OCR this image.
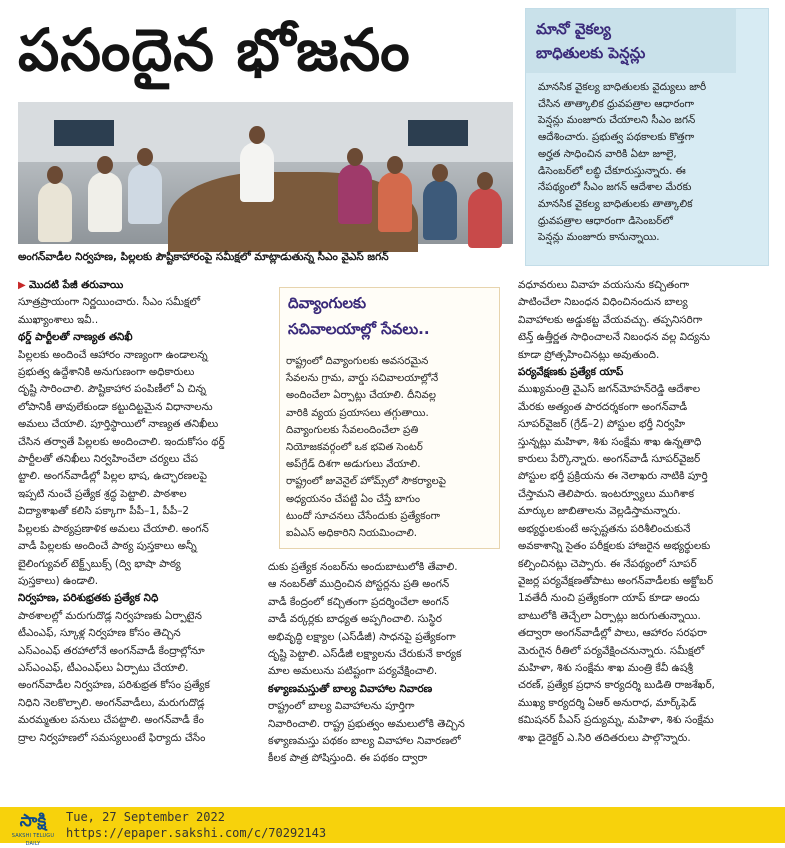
పసందైన భోజనం
అంగన్‌వాడీల నిర్వహణ, పిల్లలకు పౌష్టికాహారంపై సమీక్షలో మాట్లాడుతున్న సీఎం వైఎస్ జగన్
మానో వైకల్య
బాధితులకు పెన్షన్లు
మానసిక వైకల్య బాధితులకు వైద్యులు జారీ
చేసిన తాత్కాలిక ధ్రువపత్రాల ఆధారంగా
పెన్షన్లు మంజూరు చేయాలని సీఎం జగన్
ఆదేశించారు. ప్రభుత్వ పథకాలకు కొత్తగా
అర్హత సాధించిన వారికి ఏటా జూలై,
డిసెంబర్‌లో లబ్ధి చేకూరుస్తున్నారు. ఈ
నేపథ్యంలో సీఎం జగన్ ఆదేశాల మేరకు
మానసిక వైకల్య బాధితులకు తాత్కాలిక
ధ్రువపత్రాల ఆధారంగా డిసెంబర్‌లో
పెన్షన్లు మంజూరు కానున్నాయి.
▶ మొదటి పేజీ తరువాయి
సూత్రప్రాయంగా నిర్ణయించారు. సీఎం సమీక్షలో
ముఖ్యాంశాలు ఇవీ..
థర్డ్ పార్టీలతో నాణ్యత తనిఖీ
పిల్లలకు అందించే ఆహారం నాణ్యంగా ఉండాలన్న
ప్రభుత్వ ఉద్దేశానికి అనుగుణంగా అధికారులు
దృష్టి సారించాలి. పౌష్టికాహార పంపిణీలో ఏ చిన్న
లోపానికీ తావులేకుండా కట్టుదిట్టమైన విధానాలను
అమలు చేయాలి. పూర్తిస్థాయిలో నాణ్యత తనిఖీలు
చేసిన తర్వాతే పిల్లలకు అందించాలి. ఇందుకోసం థర్డ్
పార్టీలతో తనిఖీలు నిర్వహించేలా చర్యలు చేప
ట్టాలి. అంగన్‌వాడీల్లో పిల్లల భాష, ఉచ్ఛారణలపై
ఇప్పటి నుంచే ప్రత్యేక శ్రద్ధ పెట్టాలి. పాఠశాల
విద్యాశాఖతో కలిసి పక్కాగా పీపీ–1, పీపీ–2
పిల్లలకు పాఠ్యప్రణాళిక అమలు చేయాలి. అంగన్
వాడీ పిల్లలకు అందించే పాఠ్య పుస్తకాలు అన్నీ
బైలింగ్యువల్ టెక్ట్స్‌బుక్స్ (ద్వి భాషా పాఠ్య
పుస్తకాలు) ఉండాలి.
నిర్వహణ, పరిశుభ్రతకు ప్రత్యేక నిధి
పాఠశాలల్లో మరుగుదొడ్ల నిర్వహణకు ఏర్పాటైన
టీఎంఎఫ్, స్కూళ్ల నిర్వహణ కోసం తెచ్చిన
ఎస్ఎంఎఫ్ తరహాలోనే అంగన్‌వాడీ కేంద్రాల్లోనూ
ఎస్ఎంఎఫ్, టీఎంఎఫ్‌లు ఏర్పాటు చేయాలి.
అంగన్‌వాడీల నిర్వహణ, పరిశుభ్రత కోసం ప్రత్యేక
నిధిని నెలకొల్పాలి. అంగన్‌వాడీలు, మరుగుదొడ్ల
మరమ్మతుల పనులు చేపట్టాలి. అంగన్‌వాడీ కేం
ద్రాల నిర్వహణలో సమస్యలుంటే ఫిర్యాదు చేసేం
దివ్యాంగులకు
సచివాలయాల్లో సేవలు..
రాష్ట్రంలో దివ్యాంగులకు అవసరమైన
సేవలను గ్రామ, వార్డు సచివాలయాల్లోనే
అందించేలా ఏర్పాట్లు చేయాలి. దీనివల్ల
వారికి వ్యయ ప్రయాసలు తగ్గుతాయి.
దివ్యాంగులకు సేవలందించేలా ప్రతి
నియోజకవర్గంలో ఒక భవిత సెంటర్
అప్‌గ్రేడ్ దిశగా అడుగులు వేయాలి.
రాష్ట్రంలో జువెనైల్ హోమ్స్‌లో సౌకర్యాలపై
అధ్యయనం చేపట్టి ఏం చేస్తే బాగుం
టుందో సూచనలు చేసేందుకు ప్రత్యేకంగా
ఐఏఎస్ అధికారిని నియమించాలి.
దుకు ప్రత్యేక నంబర్‌ను అందుబాటులోకి తేవాలి.
ఆ నంబర్‌తో ముద్రించిన పోస్టర్లను ప్రతి అంగన్
వాడీ కేంద్రంలో కచ్చితంగా ప్రదర్శించేలా అంగన్
వాడీ వర్కర్లకు బాధ్యత అప్పగించాలి. సుస్థిర
అభివృద్ధి లక్ష్యాల (ఎస్‌డీజీ) సాధనపై ప్రత్యేకంగా
దృష్టి పెట్టాలి. ఎస్‌డీజీ లక్ష్యాలను చేరుకునే కార్యక
మాల అమలును పటిష్టంగా పర్యవేక్షించాలి.
కళ్యాణమస్తుతో బాల్య వివాహాల నివారణ
రాష్ట్రంలో బాల్య వివాహాలను పూర్తిగా
నివారించాలి. రాష్ట్ర ప్రభుత్వం అమలులోకి తెచ్చిన
కళ్యాణమస్తు పథకం బాల్య వివాహాల నివారణలో
కీలక పాత్ర పోషిస్తుంది. ఈ పథకం ద్వారా
వధూవరులు వివాహ వయసును కచ్చితంగా
పాటించేలా నిబంధన విధించినందున బాల్య
వివాహాలకు అడ్డుకట్ట వేయవచ్చు. తప్పనిసరిగా
టెన్త్ ఉత్తీర్ణత సాధించాలనే నిబంధన వల్ల విద్యను
కూడా ప్రోత్సహించినట్లు అవుతుంది.
పర్యవేక్షణకు ప్రత్యేక యాప్
ముఖ్యమంత్రి వైఎస్ జగన్‌మోహన్‌రెడ్డి ఆదేశాల
మేరకు అత్యంత పారదర్శకంగా అంగన్‌వాడీ
సూపర్‌వైజర్ (గ్రేడ్–2) పోస్టుల భర్తీ నిర్వహి
స్తున్నట్లు మహిళా, శిశు సంక్షేమ శాఖ ఉన్నతాధి
కారులు పేర్కొన్నారు. అంగన్‌వాడీ సూపర్‌వైజర్
పోస్టుల భర్తీ ప్రక్రియను ఈ నెలాఖరు నాటికి పూర్తి
చేస్తామని తెలిపారు. ఇంటర్వ్యూలు ముగిశాక
మార్కుల జాబితాలను వెల్లడిస్తామన్నారు.
అభ్యర్థులకుంటే అస్పష్టతను పరిశీలించుకునే
అవకాశాన్ని సైతం పరీక్షలకు హాజరైన అభ్యర్థులకు
కల్పించినట్లు చెప్పారు. ఈ నేపథ్యంలో సూపర్
వైజర్ల పర్యవేక్షణతోపాటు అంగన్‌వాడీలకు అక్టోబర్
1వతేదీ నుంచి ప్రత్యేకంగా యాప్ కూడా అందు
బాటులోకి తెచ్చేలా ఏర్పాట్లు జరుగుతున్నాయి.
తద్వారా అంగన్‌వాడీల్లో పాలు, ఆహారం సరఫరా
మెరుగైన రీతిలో పర్యవేక్షించనున్నారు. సమీక్షలో
మహిళా, శిశు సంక్షేమ శాఖ మంత్రి కేవీ ఉషశ్రీ
చరణ్, ప్రత్యేక ప్రధాన కార్యదర్శి బుడితి రాజశేఖర్,
ముఖ్య కార్యదర్శి ఏఆర్ అనురాధ, మార్క్‌ఫెడ్
కమిషనర్ పీఎస్ ప్రద్యుమ్న, మహిళా, శిశు సంక్షేమ
శాఖ డైరెక్టర్ ఎ.సిరి తదితరులు పాల్గొన్నారు.
సాక్షి
SAKSHI TELUGU DAILY
Tue, 27 September 2022
https://epaper.sakshi.com/c/70292143
